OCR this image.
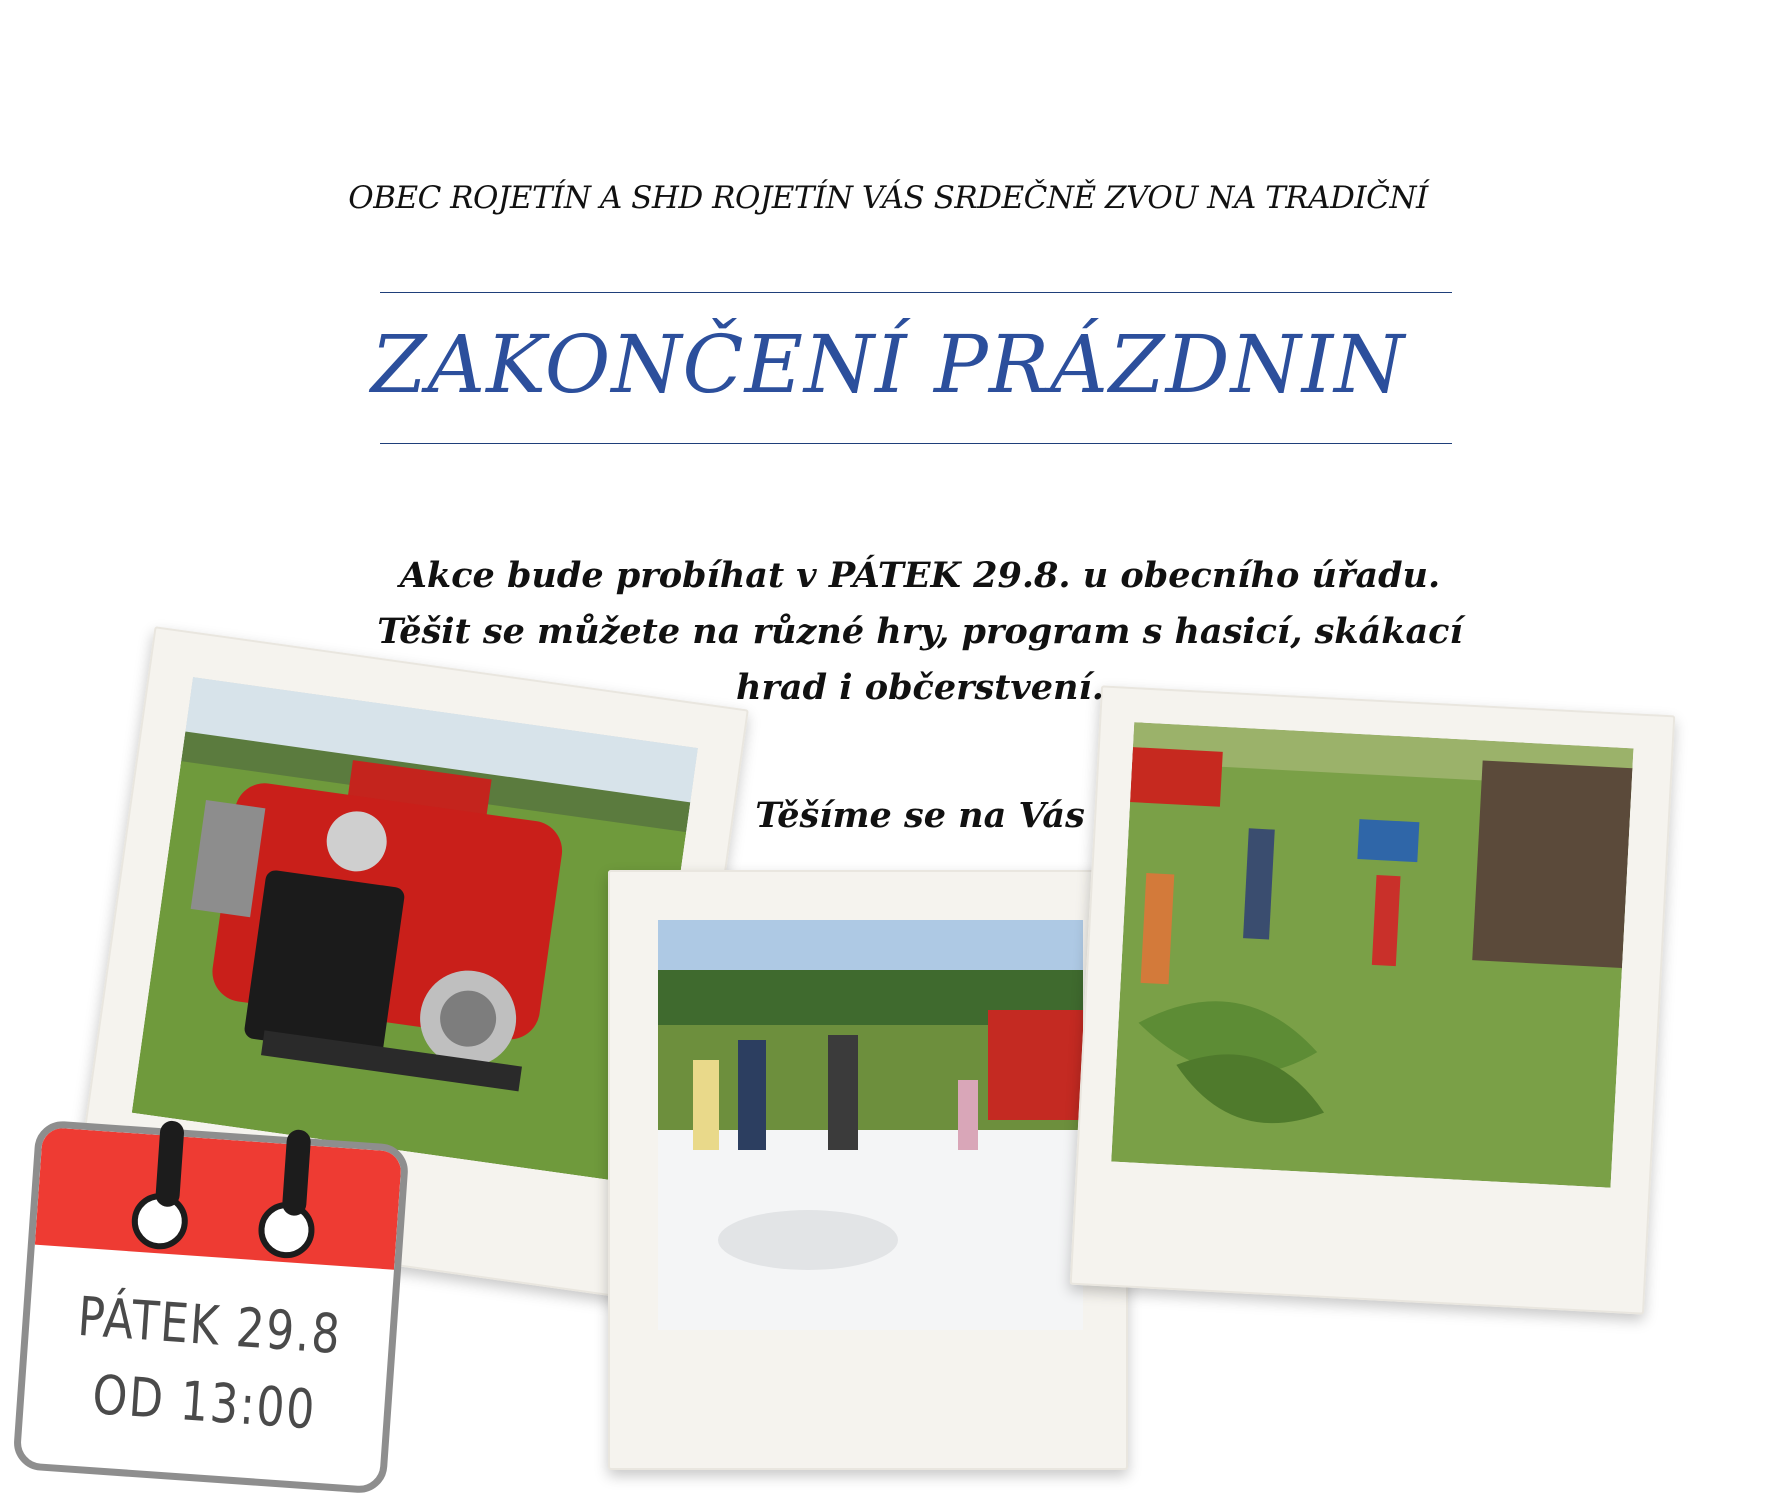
OBEC ROJETÍN A SHD ROJETÍN VÁS SRDEČNĚ ZVOU NA TRADIČNÍ
ZAKONČENÍ PRÁZDNIN
Akce bude probíhat v PÁTEK 29.8. u obecního úřadu. Těšit se můžete na různé hry, program s hasicí, skákací hrad i občerstvení.
Těšíme se na Vás
PÁTEK 29.8
OD 13:00
